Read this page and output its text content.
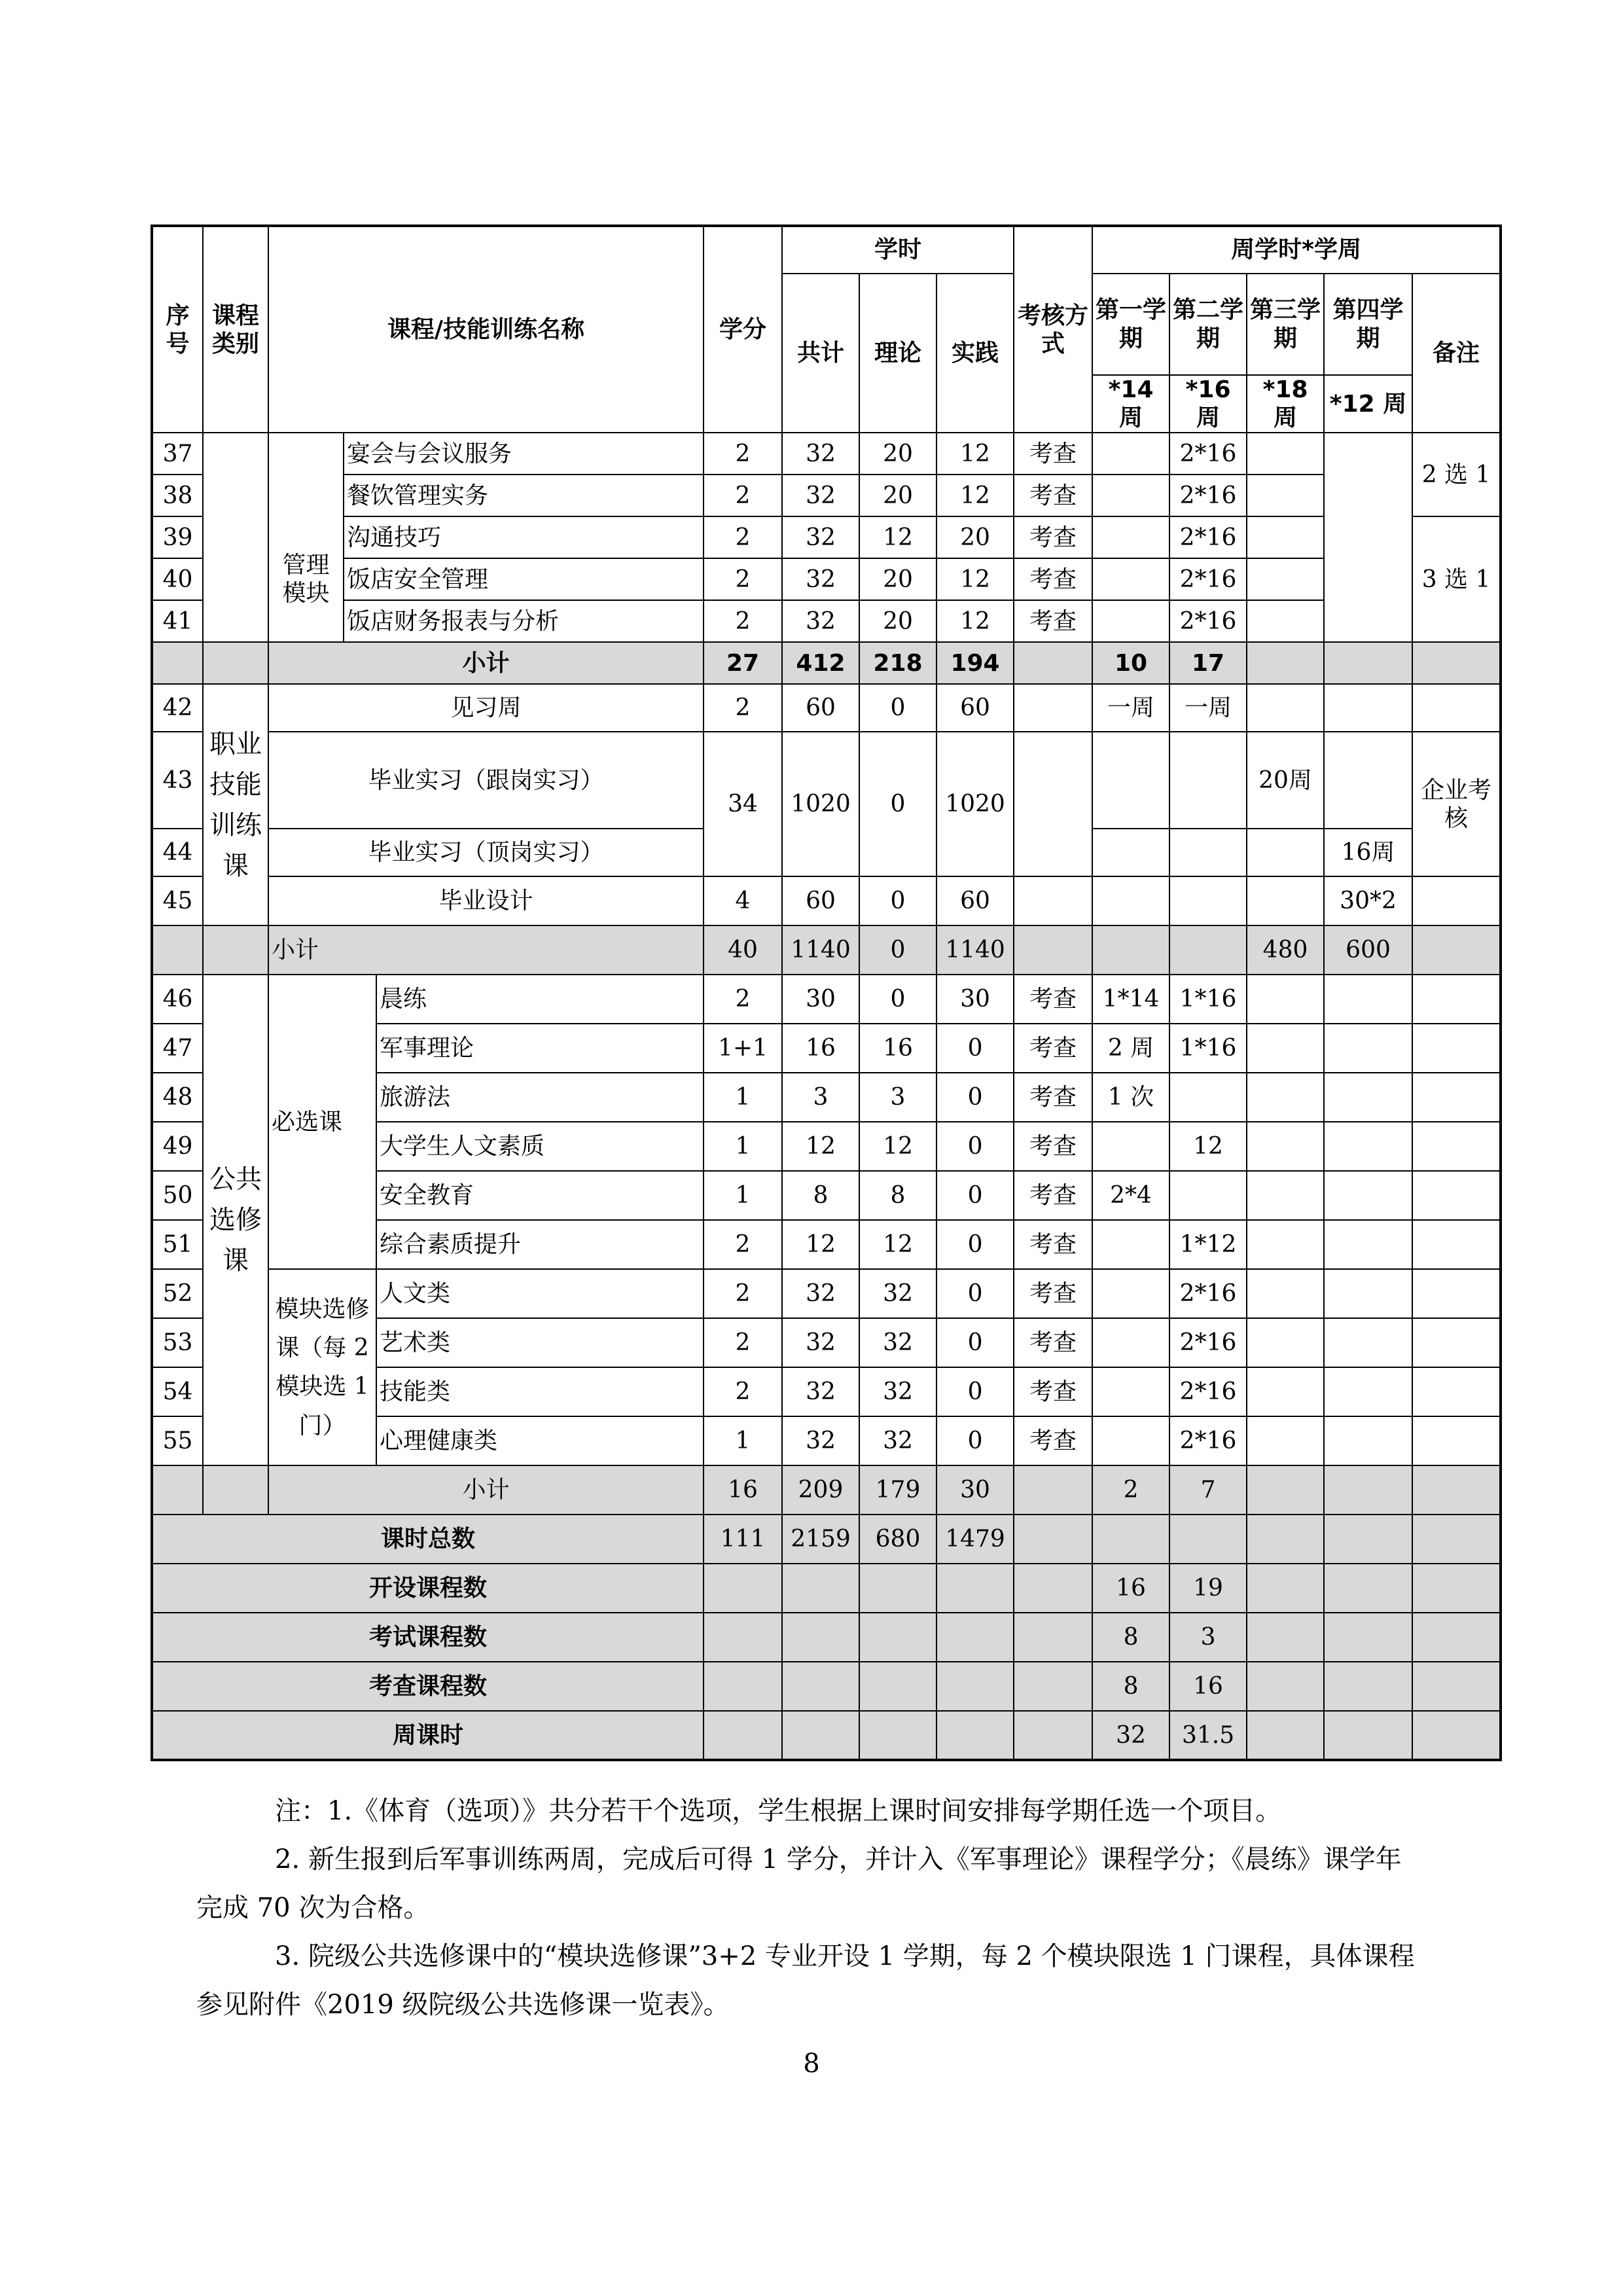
序号	课程类别	课程/技能训练名称			学分	学时			考核方式	周学时*学周				
						共计	理论	实践		第一学期	第二学期	第三学期	第四学期	备注
										*14 周	*16 周	*18 周	*12 周	
37			宴会与会议服务		2	32	20	12	考查		2*16			2 选 1
38			餐饮管理实务		2	32	20	12	考查		2*16			
39		管理模块	沟通技巧		2	32	12	20	考查		2*16			3 选 1
40			饭店安全管理		2	32	20	12	考查		2*16			
41			饭店财务报表与分析		2	32	20	12	考查		2*16			
		小计			27	412	218	194		10	17			
42	职业技能训练课	见习周			2	60	0	60		一周	一周			
43		毕业实习（跟岗实习）			34	1020	0	1020				20周		企业考核
44		毕业实习（顶岗实习）											16周	
45		毕业设计			4	60	0	60					30*2	
		小计			40	1140	0	1140				480	600	
46	公共选修课	必选课		晨练	2	30	0	30	考查	1*14	1*16			
47				军事理论	1+1	16	16	0	考查	2 周	1*16			
48				旅游法	1	3	3	0	考查	1 次				
49				大学生人文素质	1	12	12	0	考查		12			
50				安全教育	1	8	8	0	考查	2*4				
51				综合素质提升	2	12	12	0	考查		1*12			
52		模块选修课（每 2 模块选 1 门）		人文类	2	32	32	0	考查		2*16			
53				艺术类	2	32	32	0	考查		2*16			
54				技能类	2	32	32	0	考查		2*16			
55				心理健康类	1	32	32	0	考查		2*16			
		小计			16	209	179	30		2	7			
课时总数					111	2159	680	1479						
开设课程数										16	19			
考试课程数										8	3			
考查课程数										8	16			
周课时										32	31.5			

注：1.《体育（选项）》共分若干个选项，学生根据上课时间安排每学期任选一个项目。

2. 新生报到后军事训练两周，完成后可得 1 学分，并计入《军事理论》课程学分；《晨练》课学年完成 70 次为合格。

3. 院级公共选修课中的“模块选修课”3+2 专业开设 1 学期，每 2 个模块限选 1 门课程，具体课程参见附件《2019 级院级公共选修课一览表》。

8
